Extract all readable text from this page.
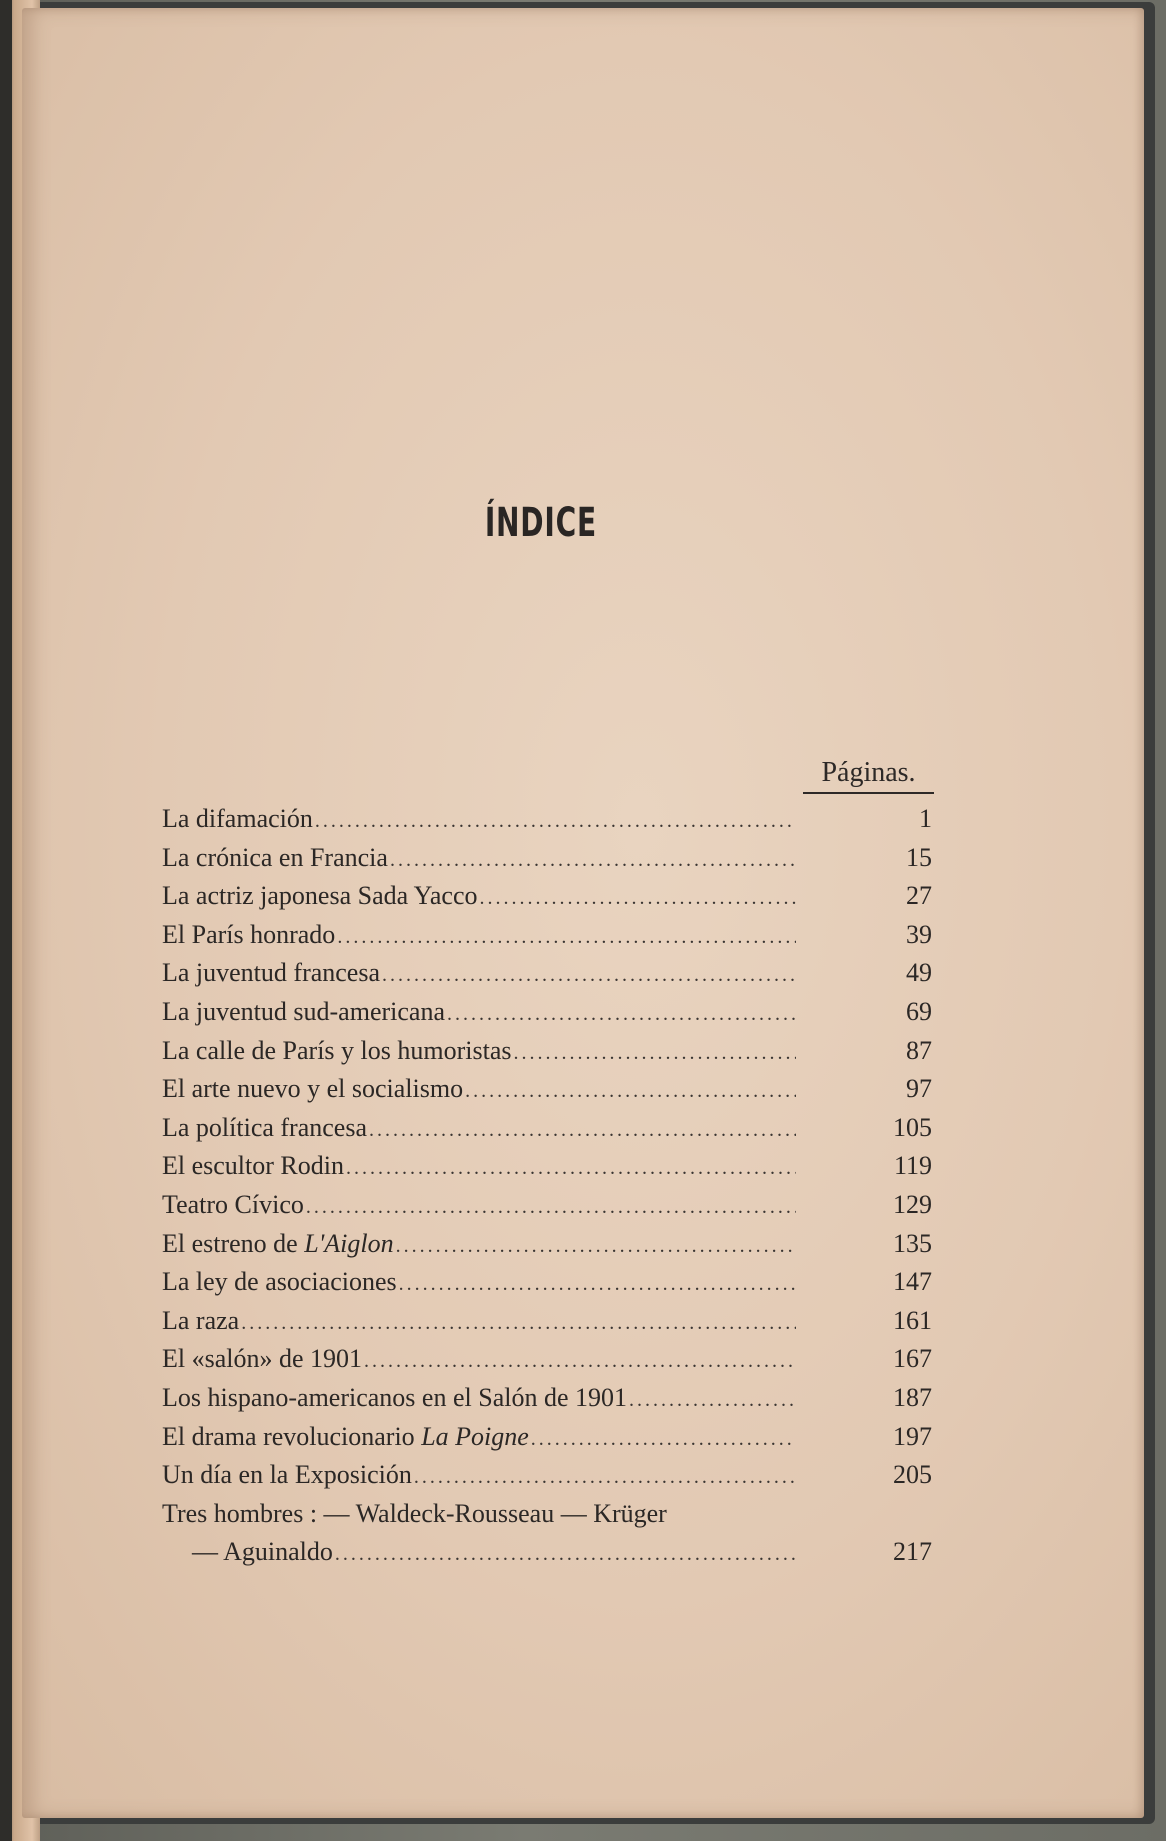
ÍNDICE
Páginas.
La difamación .....	1
La crónica en Francia .....	15
La actriz japonesa Sada Yacco .....	27
El París honrado .....	39
La juventud francesa .....	49
La juventud sud-americana .....	69
La calle de París y los humoristas .....	87
El arte nuevo y el socialismo .....	97
La política francesa .....	105
El escultor Rodin .....	119
Teatro Cívico .....	129
El estreno de L'Aiglon .....	135
La ley de asociaciones .....	147
La raza .....	161
El «salón» de 1901 .....	167
Los hispano-americanos en el Salón de 1901 .....	187
El drama revolucionario La Poigne .....	197
Un día en la Exposición .....	205
Tres hombres : — Waldeck-Rousseau — Krüger
— Aguinaldo .....	217
